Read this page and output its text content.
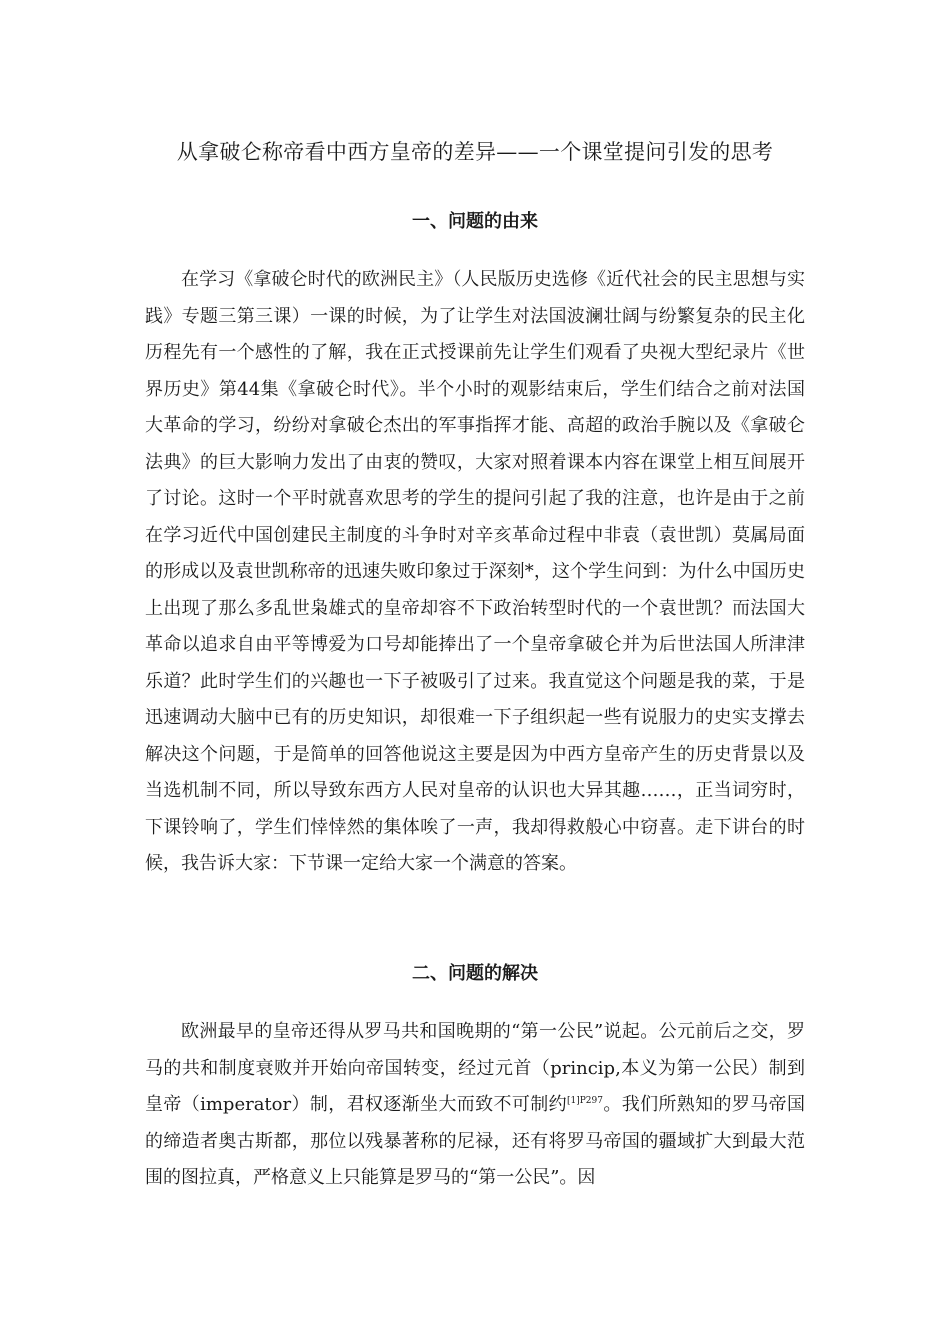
从拿破仑称帝看中西方皇帝的差异——一个课堂提问引发的思考
一、问题的由来

在学习《拿破仑时代的欧洲民主》（人民版历史选修《近代社会的民主思想与实践》专题三第三课）一课的时候，为了让学生对法国波澜壮阔与纷繁复杂的民主化历程先有一个感性的了解，我在正式授课前先让学生们观看了央视大型纪录片《世界历史》第44集《拿破仑时代》。半个小时的观影结束后，学生们结合之前对法国大革命的学习，纷纷对拿破仑杰出的军事指挥才能、高超的政治手腕以及《拿破仑法典》的巨大影响力发出了由衷的赞叹，大家对照着课本内容在课堂上相互间展开了讨论。这时一个平时就喜欢思考的学生的提问引起了我的注意，也许是由于之前在学习近代中国创建民主制度的斗争时对辛亥革命过程中非袁（袁世凯）莫属局面的形成以及袁世凯称帝的迅速失败印象过于深刻*，这个学生问到：为什么中国历史上出现了那么多乱世枭雄式的皇帝却容不下政治转型时代的一个袁世凯？而法国大革命以追求自由平等博爱为口号却能捧出了一个皇帝拿破仑并为后世法国人所津津乐道？此时学生们的兴趣也一下子被吸引了过来。我直觉这个问题是我的菜，于是迅速调动大脑中已有的历史知识，却很难一下子组织起一些有说服力的史实支撑去解决这个问题，于是简单的回答他说这主要是因为中西方皇帝产生的历史背景以及当选机制不同，所以导致东西方人民对皇帝的认识也大异其趣……，正当词穷时，下课铃响了，学生们悻悻然的集体唉了一声，我却得救般心中窃喜。走下讲台的时候，我告诉大家：下节课一定给大家一个满意的答案。

二、问题的解决

欧洲最早的皇帝还得从罗马共和国晚期的“第一公民”说起。公元前后之交，罗马的共和制度衰败并开始向帝国转变，经过元首（princip,本义为第一公民）制到皇帝（imperator）制，君权逐渐坐大而致不可制约$^{[1]P297}$。我们所熟知的罗马帝国的缔造者奥古斯都，那位以残暴著称的尼禄，还有将罗马帝国的疆域扩大到最大范围的图拉真，严格意义上只能算是罗马的“第一公民”。因
